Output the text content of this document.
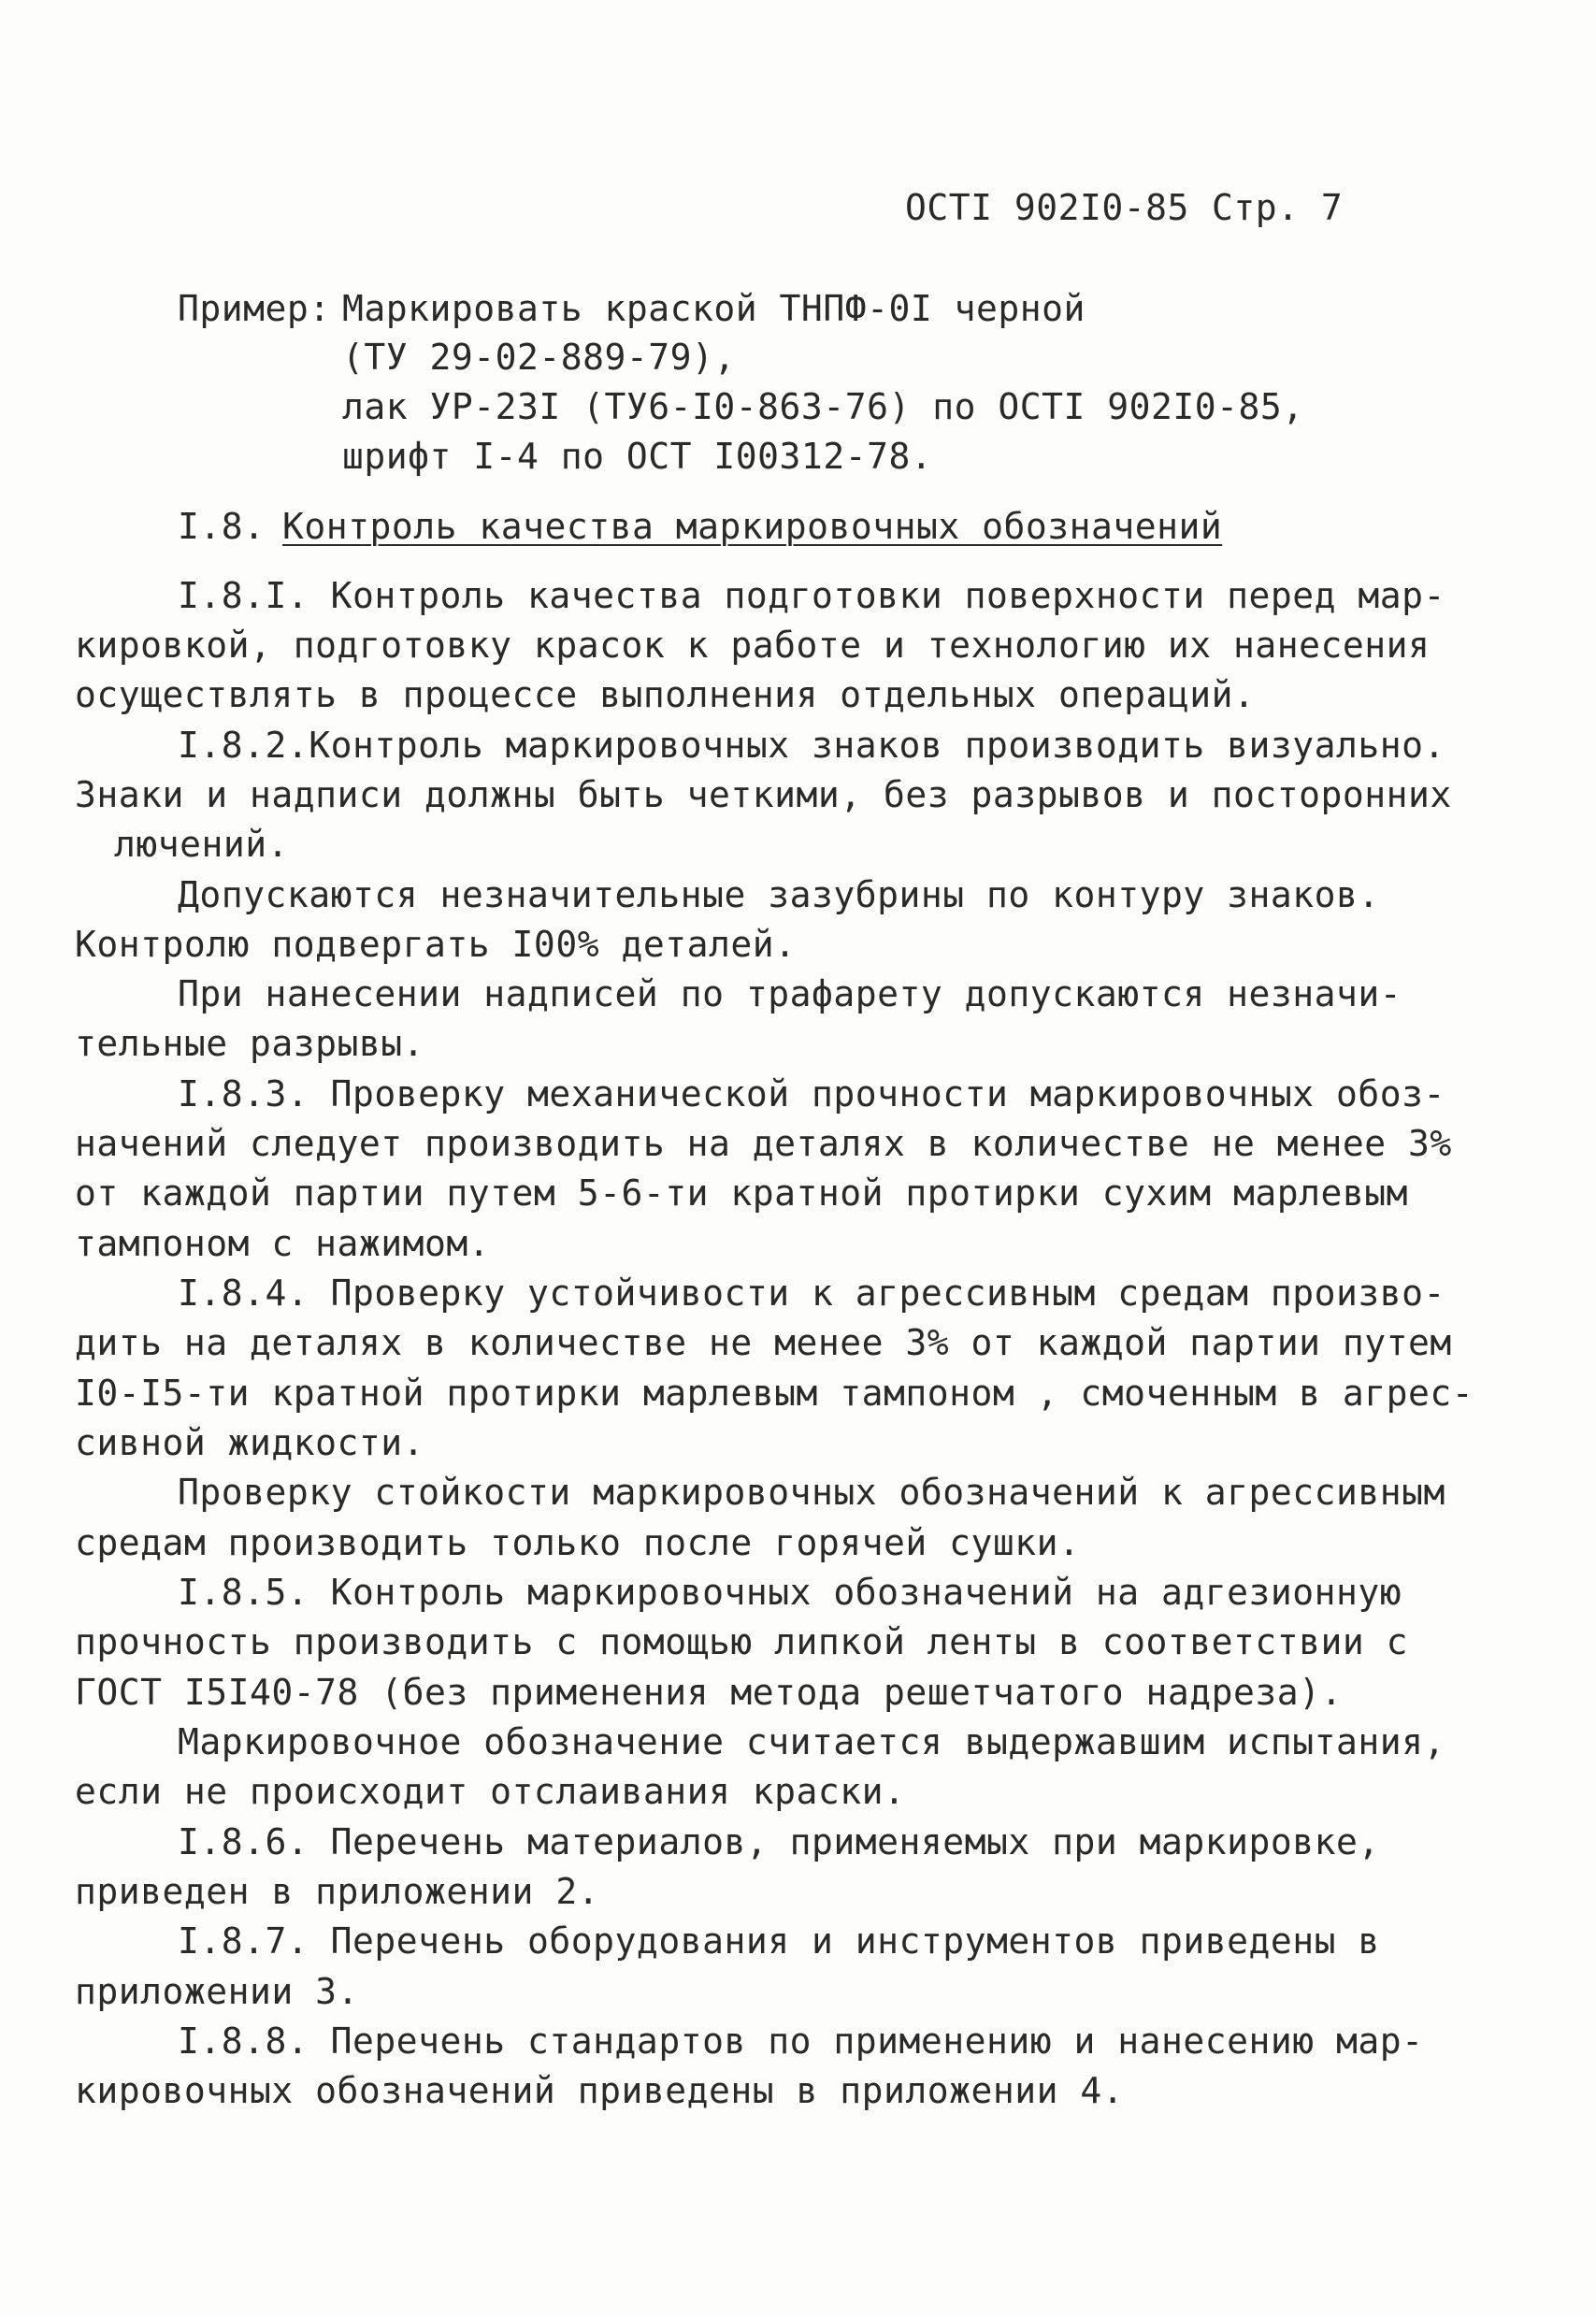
ОСТI 902I0-85 Стр. 7
Пример: Маркировать краской ТНПФ-0I черной
(ТУ 29-02-889-79),
лак УР-23I (ТУ6-I0-863-76) по ОСТI 902I0-85,
шрифт I-4 по ОСТ I00312-78.
I.8. Контроль качества маркировочных обозначений
I.8.I. Контроль качества подготовки поверхности перед мар-
кировкой, подготовку красок к работе и технологию их нанесения
осуществлять в процессе выполнения отдельных операций.
I.8.2.Контроль маркировочных знаков производить визуально.
Знаки и надписи должны быть четкими, без разрывов и посторонних
лючений.
Допускаются незначительные зазубрины по контуру знаков.
Контролю подвергать I00% деталей.
При нанесении надписей по трафарету допускаются незначи-
тельные разрывы.
I.8.3. Проверку механической прочности маркировочных обоз-
начений следует производить на деталях в количестве не менее 3%
от каждой партии путем 5-6-ти кратной протирки сухим марлевым
тампоном с нажимом.
I.8.4. Проверку устойчивости к агрессивным средам произво-
дить на деталях в количестве не менее 3% от каждой партии путем
I0-I5-ти кратной протирки марлевым тампоном , смоченным в агрес-
сивной жидкости.
Проверку стойкости маркировочных обозначений к агрессивным
средам производить только после горячей сушки.
I.8.5. Контроль маркировочных обозначений на адгезионную
прочность производить с помощью липкой ленты в соответствии с
ГОСТ I5I40-78 (без применения метода решетчатого надреза).
Маркировочное обозначение считается выдержавшим испытания,
если не происходит отслаивания краски.
I.8.6. Перечень материалов, применяемых при маркировке,
приведен в приложении 2.
I.8.7. Перечень оборудования и инструментов приведены в
приложении 3.
I.8.8. Перечень стандартов по применению и нанесению мар-
кировочных обозначений приведены в приложении 4.
